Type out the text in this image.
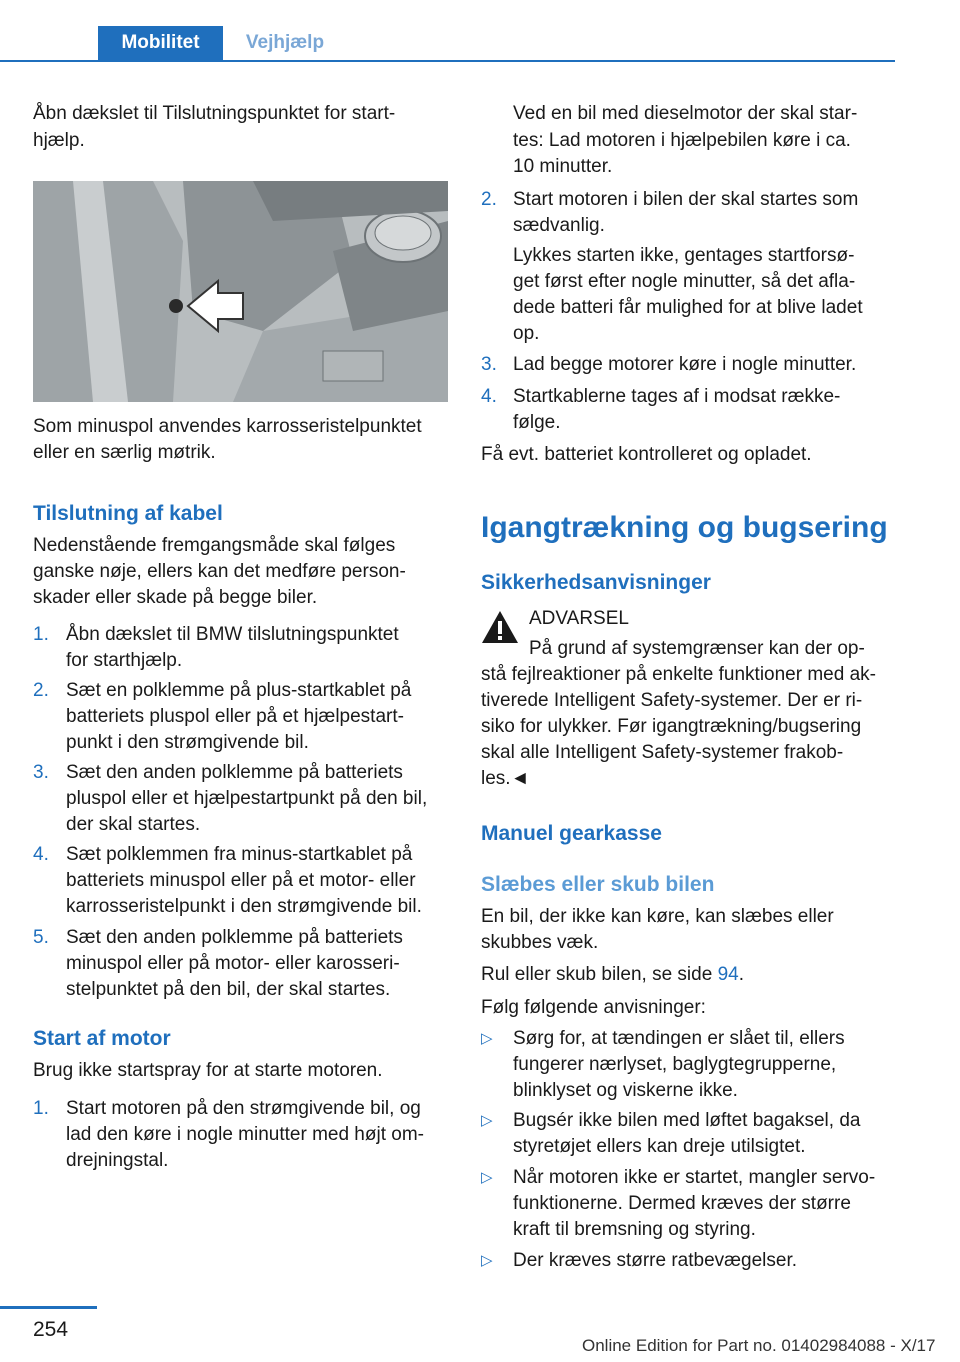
Mobilitet	Vejhjælp
Åbn dækslet til Tilslutningspunktet for start-
hjælp.
Som minuspol anvendes karrosseristelpunktet
eller en særlig møtrik.
Tilslutning af kabel
Nedenstående fremgangsmåde skal følges
ganske nøje, ellers kan det medføre person-
skader eller skade på begge biler.
1. Åbn dækslet til BMW tilslutningspunktet
for starthjælp.
2. Sæt en polklemme på plus-startkablet på
batteriets pluspol eller på et hjælpestart-
punkt i den strømgivende bil.
3. Sæt den anden polklemme på batteriets
pluspol eller et hjælpestartpunkt på den bil,
der skal startes.
4. Sæt polklemmen fra minus-startkablet på
batteriets minuspol eller på et motor- eller
karrosseristelpunkt i den strømgivende bil.
5. Sæt den anden polklemme på batteriets
minuspol eller på motor- eller karosseri-
stelpunktet på den bil, der skal startes.
Start af motor
Brug ikke startspray for at starte motoren.
1. Start motoren på den strømgivende bil, og
lad den køre i nogle minutter med højt om-
drejningstal.
Ved en bil med dieselmotor der skal star-
tes: Lad motoren i hjælpebilen køre i ca.
10 minutter.
2. Start motoren i bilen der skal startes som
sædvanlig.
Lykkes starten ikke, gentages startforsø-
get først efter nogle minutter, så det afla-
dede batteri får mulighed for at blive ladet
op.
3. Lad begge motorer køre i nogle minutter.
4. Startkablerne tages af i modsat række-
følge.
Få evt. batteriet kontrolleret og opladet.
Igangtrækning og bugsering
Sikkerhedsanvisninger
ADVARSEL
På grund af systemgrænser kan der op-
stå fejlreaktioner på enkelte funktioner med ak-
tiverede Intelligent Safety-systemer. Der er ri-
siko for ulykker. Før igangtrækning/bugsering
skal alle Intelligent Safety-systemer frakob-
les.◄
Manuel gearkasse
Slæbes eller skub bilen
En bil, der ikke kan køre, kan slæbes eller
skubbes væk.
Rul eller skub bilen, se side 94.
Følg følgende anvisninger:
▷ Sørg for, at tændingen er slået til, ellers
fungerer nærlyset, baglygtegrupperne,
blinklyset og viskerne ikke.
▷ Bugsér ikke bilen med løftet bagaksel, da
styretøjet ellers kan dreje utilsigtet.
▷ Når motoren ikke er startet, mangler servo-
funktionerne. Dermed kræves der større
kraft til bremsning og styring.
▷ Der kræves større ratbevægelser.
254
Online Edition for Part no. 01402984088 - X/17
